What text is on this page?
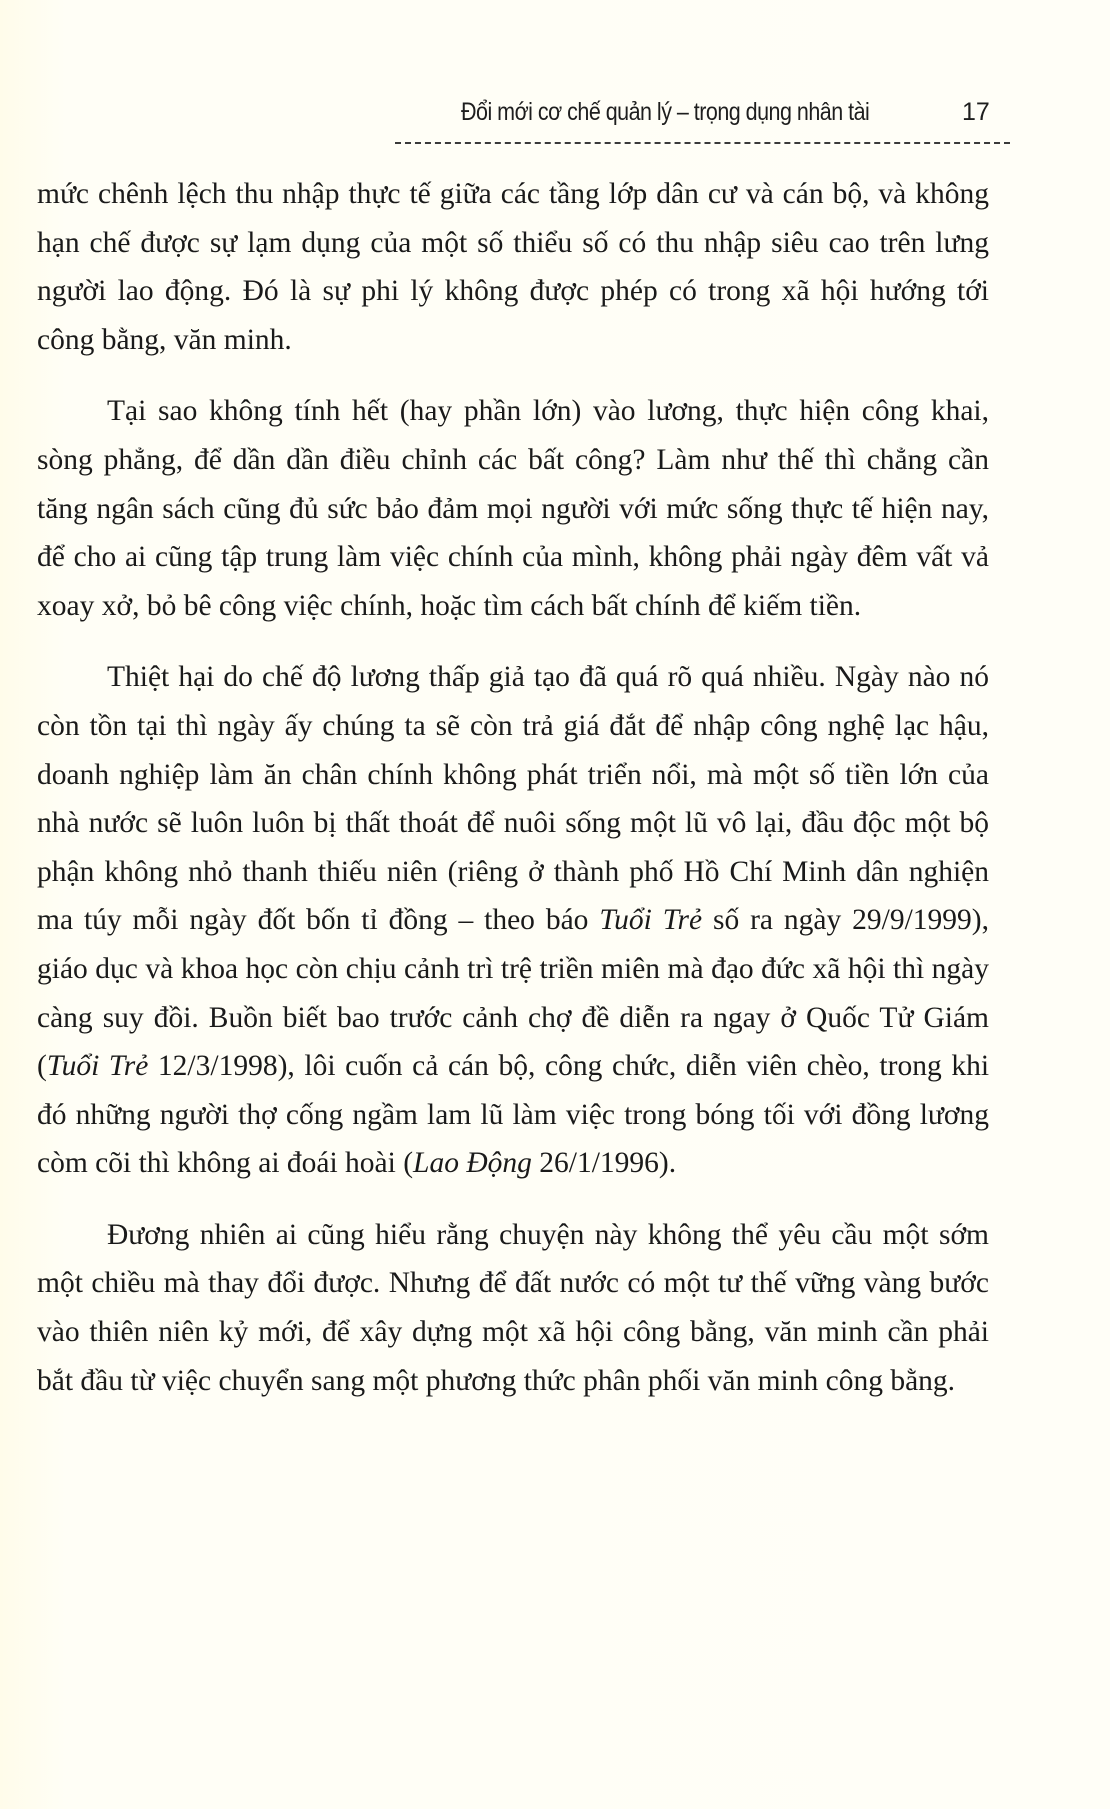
Đổi mới cơ chế quản lý – trọng dụng nhân tài	17

mức chênh lệch thu nhập thực tế giữa các tầng lớp dân cư và cán bộ, và không hạn chế được sự lạm dụng của một số thiểu số có thu nhập siêu cao trên lưng người lao động. Đó là sự phi lý không được phép có trong xã hội hướng tới công bằng, văn minh.

Tại sao không tính hết (hay phần lớn) vào lương, thực hiện công khai, sòng phẳng, để dần dần điều chỉnh các bất công? Làm như thế thì chẳng cần tăng ngân sách cũng đủ sức bảo đảm mọi người với mức sống thực tế hiện nay, để cho ai cũng tập trung làm việc chính của mình, không phải ngày đêm vất vả xoay xở, bỏ bê công việc chính, hoặc tìm cách bất chính để kiếm tiền.

Thiệt hại do chế độ lương thấp giả tạo đã quá rõ quá nhiều. Ngày nào nó còn tồn tại thì ngày ấy chúng ta sẽ còn trả giá đắt để nhập công nghệ lạc hậu, doanh nghiệp làm ăn chân chính không phát triển nổi, mà một số tiền lớn của nhà nước sẽ luôn luôn bị thất thoát để nuôi sống một lũ vô lại, đầu độc một bộ phận không nhỏ thanh thiếu niên (riêng ở thành phố Hồ Chí Minh dân nghiện ma túy mỗi ngày đốt bốn tỉ đồng – theo báo Tuổi Trẻ số ra ngày 29/9/1999), giáo dục và khoa học còn chịu cảnh trì trệ triền miên mà đạo đức xã hội thì ngày càng suy đồi. Buồn biết bao trước cảnh chợ đề diễn ra ngay ở Quốc Tử Giám (Tuổi Trẻ 12/3/1998), lôi cuốn cả cán bộ, công chức, diễn viên chèo, trong khi đó những người thợ cống ngầm lam lũ làm việc trong bóng tối với đồng lương còm cõi thì không ai đoái hoài (Lao Động 26/1/1996).

Đương nhiên ai cũng hiểu rằng chuyện này không thể yêu cầu một sớm một chiều mà thay đổi được. Nhưng để đất nước có một tư thế vững vàng bước vào thiên niên kỷ mới, để xây dựng một xã hội công bằng, văn minh cần phải bắt đầu từ việc chuyển sang một phương thức phân phối văn minh công bằng.
